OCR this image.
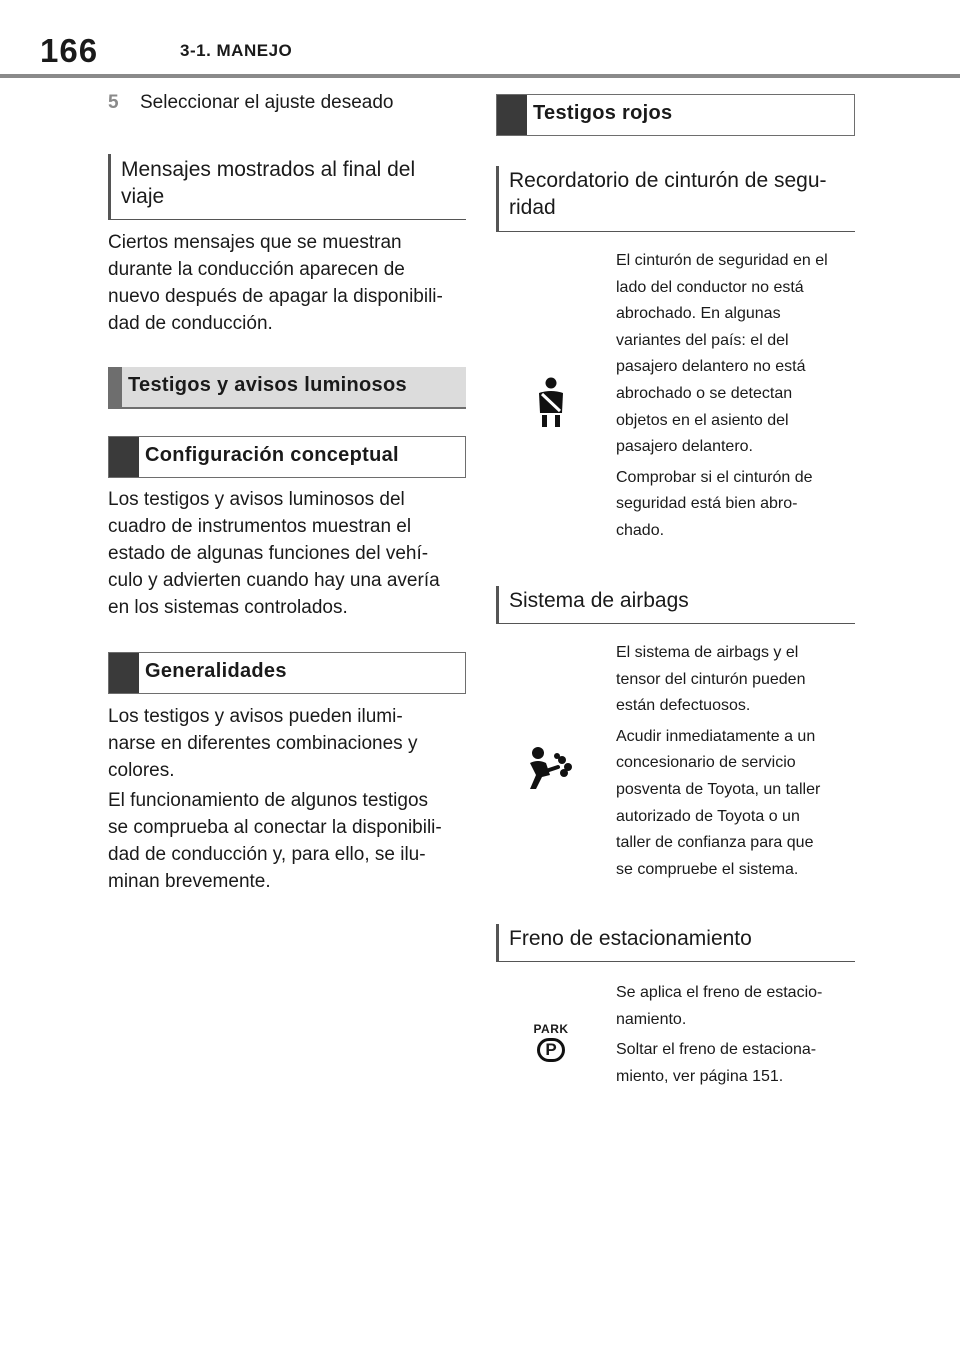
166	3-1. MANEJO
5 Seleccionar el ajuste deseado
Mensajes mostrados al final del
viaje

Ciertos mensajes que se muestran

durante la conducción aparecen de

nuevo después de apagar la disponibili-

dad de conducción.

Testigos y avisos luminosos
Configuración conceptual

Los testigos y avisos luminosos del

cuadro de instrumentos muestran el

estado de algunas funciones del vehí-

culo y advierten cuando hay una avería

en los sistemas controlados.

Generalidades

Los testigos y avisos pueden ilumi-

narse en diferentes combinaciones y

colores.

El funcionamiento de algunos testigos

se comprueba al conectar la disponibili-

dad de conducción y, para ello, se ilu-

minan brevemente.

Testigos rojos
Recordatorio de cinturón de segu-
ridad

El cinturón de seguridad en el
lado del conductor no está
abrochado. En algunas
variantes del país: el del
pasajero delantero no está
abrochado o se detectan
objetos en el asiento del
pasajero delantero.

Comprobar si el cinturón de
seguridad está bien abro-
chado.

Sistema de airbags

El sistema de airbags y el
tensor del cinturón pueden
están defectuosos.

Acudir inmediatamente a un
concesionario de servicio
posventa de Toyota, un taller
autorizado de Toyota o un
taller de confianza para que
se compruebe el sistema.

Freno de estacionamiento
PARK
P

Se aplica el freno de estacio-
namiento.

Soltar el freno de estaciona-
miento, ver página 151.
